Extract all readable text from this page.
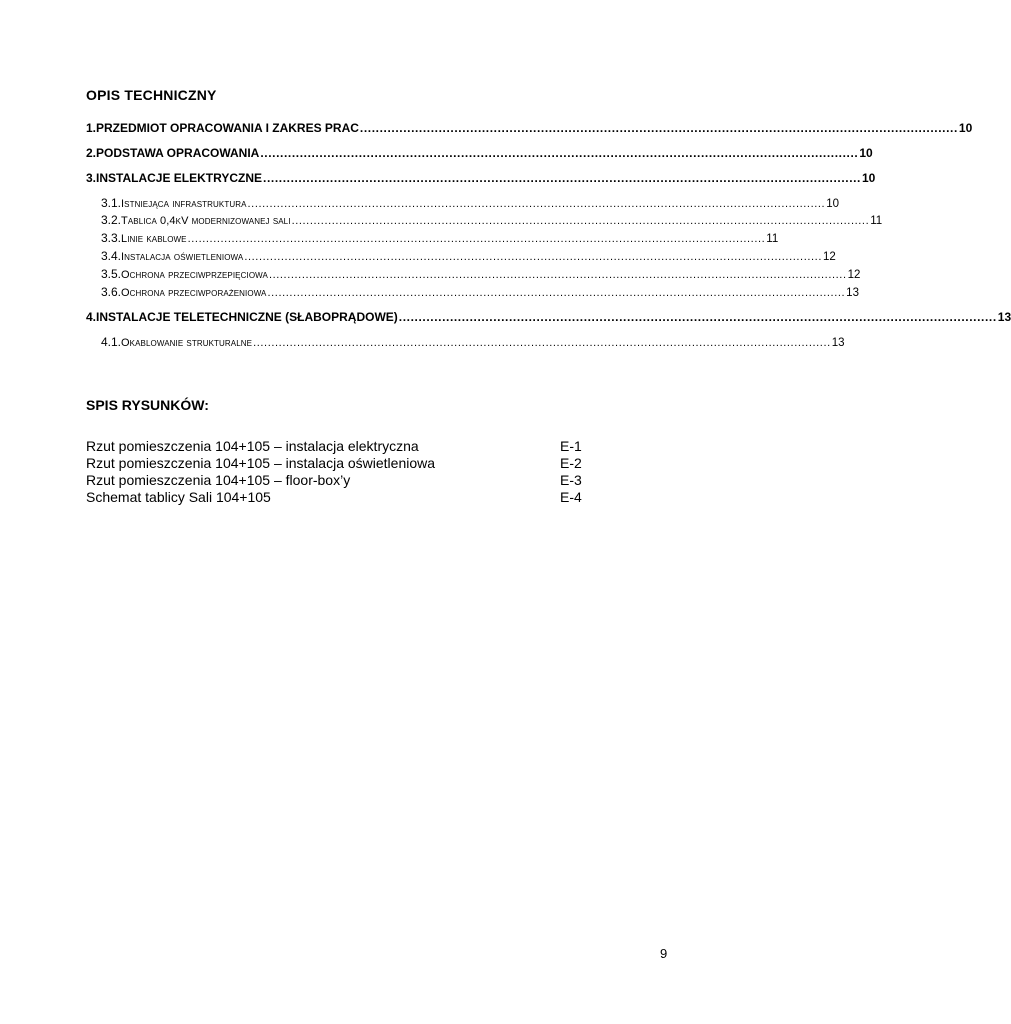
OPIS TECHNICZNY
1. PRZEDMIOT OPRACOWANIA I ZAKRES PRAC ........................................................................................................................................................ 10
2. PODSTAWA OPRACOWANIA ........................................................................................................................................................ 10
3. INSTALACJE ELEKTRYCZNE ........................................................................................................................................................ 10
3.1. Istniejąca infrastruktura .............................................................................................................................................................. 10
3.2. Tablica 0,4kV modernizowanej sali .............................................................................................................................................................. 11
3.3. Linie kablowe .............................................................................................................................................................. 11
3.4. Instalacja oświetleniowa .............................................................................................................................................................. 12
3.5. Ochrona przeciwprzepięciowa .............................................................................................................................................................. 12
3.6. Ochrona przeciwporażeniowa .............................................................................................................................................................. 13
4. INSTALACJE TELETECHNICZNE (SŁABOPRĄDOWE) ........................................................................................................................................................ 13
4.1. Okablowanie strukturalne .............................................................................................................................................................. 13
SPIS RYSUNKÓW:
Rzut pomieszczenia 104+105 – instalacja elektryczna	E-1
Rzut pomieszczenia 104+105 – instalacja oświetleniowa	E-2
Rzut pomieszczenia 104+105 – floor-box’y	E-3
Schemat tablicy Sali 104+105	E-4
9
